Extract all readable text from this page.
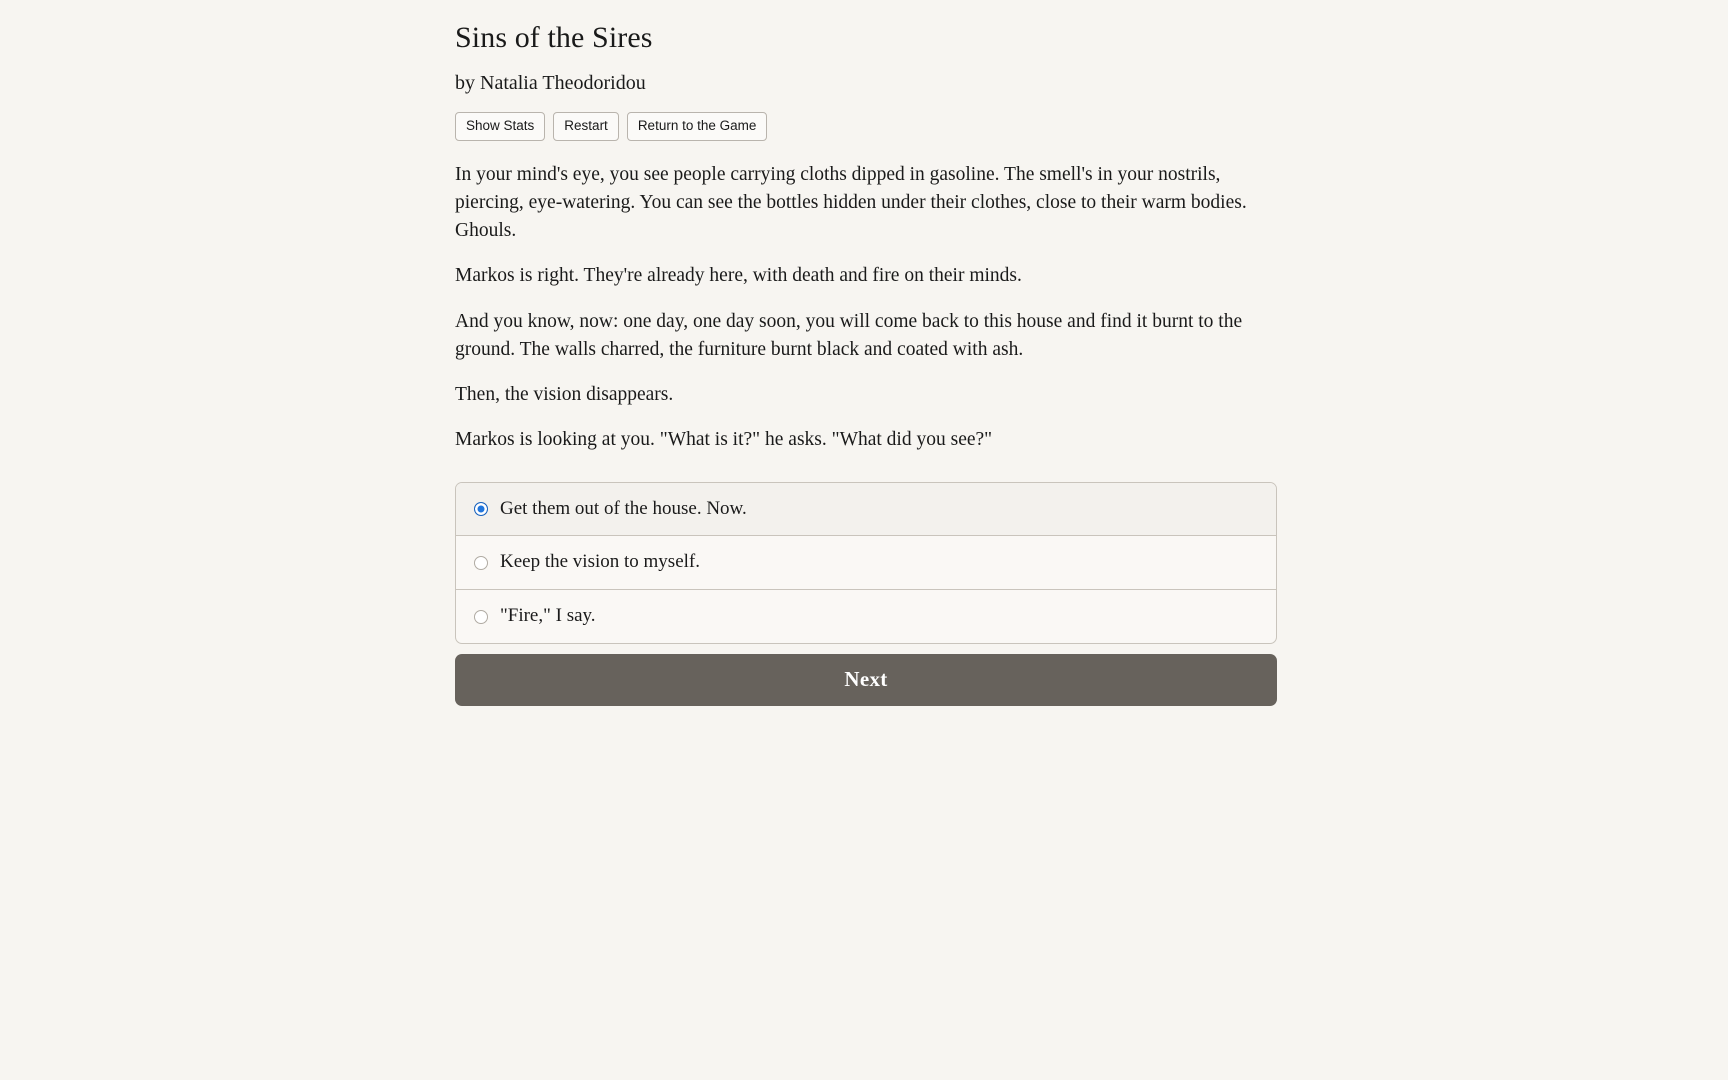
Sins of the Sires
by Natalia Theodoridou
Show Stats	Restart	Return to the Game

In your mind's eye, you see people carrying cloths dipped in gasoline. The smell's in your nostrils, piercing, eye-watering. You can see the bottles hidden under their clothes, close to their warm bodies. Ghouls.

Markos is right. They're already here, with death and fire on their minds.

And you know, now: one day, one day soon, you will come back to this house and find it burnt to the ground. The walls charred, the furniture burnt black and coated with ash.

Then, the vision disappears.

Markos is looking at you. "What is it?" he asks. "What did you see?"

Get them out of the house. Now.
Keep the vision to myself.
"Fire," I say.
Next
